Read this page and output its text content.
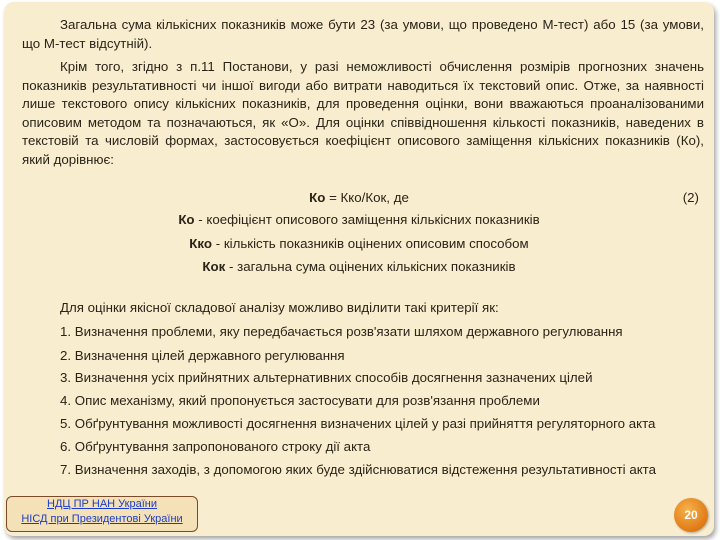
Загальна сума кількісних показників може бути 23 (за умови, що проведено М-тест) або 15 (за умови, що М-тест відсутній).

Крім того, згідно з п.11 Постанови, у разі неможливості обчислення розмірів прогнозних значень показників результативності чи іншої вигоди або витрати наводиться їх текстовий опис. Отже, за наявності лише текстового опису кількісних показників, для проведення оцінки, вони вважаються проаналізованими описовим методом та позначаються, як «О». Для оцінки співвідношення кількості показників, наведених в текстовій та числовій формах, застосовується коефіцієнт описового заміщення кількісних показників (Ко), який дорівнює:

Ко = Кко/Кок, де	(2)
Ко - коефіцієнт описового заміщення кількісних показників
Кко - кількість показників оцінених описовим способом
Кок - загальна сума оцінених кількісних показників
Для оцінки якісної складової аналізу можливо виділити такі критерії як:
1. Визначення проблеми, яку передбачається розв'язати шляхом державного регулювання
2. Визначення цілей державного регулювання
3. Визначення усіх прийнятних альтернативних способів досягнення зазначених цілей
4. Опис механізму, який пропонується застосувати для розв'язання проблеми
5. Обґрунтування можливості досягнення визначених цілей у разі прийняття регуляторного акта
6. Обґрунтування запропонованого строку дії акта
7. Визначення заходів, з допомогою яких буде здійснюватися відстеження результативності акта
НДЦ ПР НАН України
НІСД при Президентові України	20
